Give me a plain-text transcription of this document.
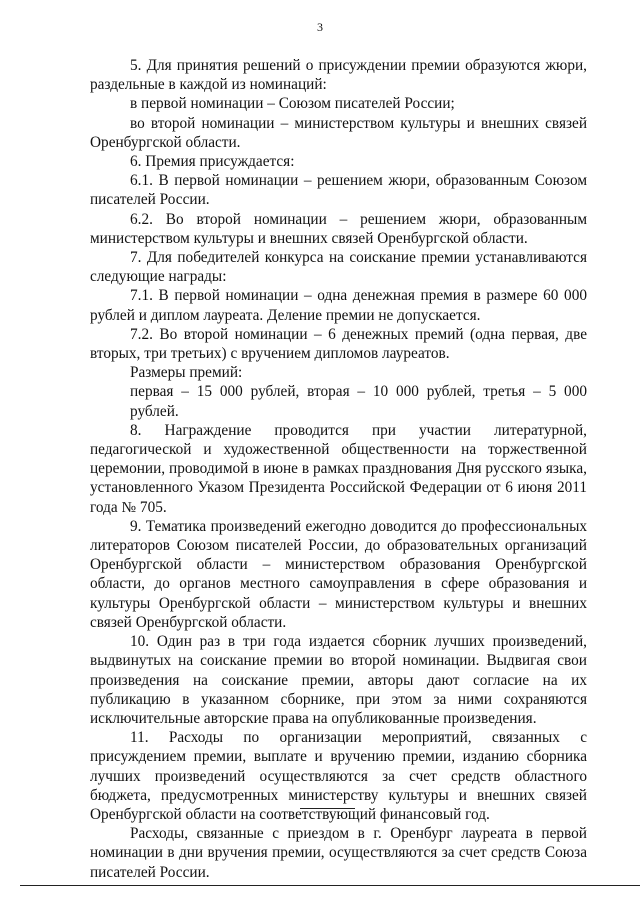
3

5. Для принятия решений о присуждении премии образуются жюри, раздельные в каждой из номинаций:

в первой номинации – Союзом писателей России;

во второй номинации – министерством культуры и внешних связей Оренбургской области.

6. Премия присуждается:

6.1. В первой номинации – решением жюри, образованным Союзом писателей России.

6.2. Во второй номинации – решением жюри, образованным министерством культуры и внешних связей Оренбургской области.

7. Для победителей конкурса на соискание премии устанавливаются следующие награды:

7.1. В первой номинации – одна денежная премия в размере 60 000 рублей и диплом лауреата. Деление премии не допускается.

7.2. Во второй номинации – 6 денежных премий (одна первая, две вторых, три третьих) с вручением дипломов лауреатов.

Размеры премий:

первая – 15 000 рублей, вторая – 10 000 рублей, третья – 5 000 рублей.

8. Награждение проводится при участии литературной, педагогической и художественной общественности на торжественной церемонии, проводимой в июне в рамках празднования Дня русского языка, установленного Указом Президента Российской Федерации от 6 июня 2011 года № 705.

9. Тематика произведений ежегодно доводится до профессиональных литераторов Союзом писателей России, до образовательных организаций Оренбургской области – министерством образования Оренбургской области, до органов местного самоуправления в сфере образования и культуры Оренбургской области – министерством культуры и внешних связей Оренбургской области.

10. Один раз в три года издается сборник лучших произведений, выдвинутых на соискание премии во второй номинации. Выдвигая свои произведения на соискание премии, авторы дают согласие на их публикацию в указанном сборнике, при этом за ними сохраняются исключительные авторские права на опубликованные произведения.

11. Расходы по организации мероприятий, связанных с присуждением премии, выплате и вручению премии, изданию сборника лучших произведений осуществляются за счет средств областного бюджета, предусмотренных министерству культуры и внешних связей Оренбургской области на соответствующий финансовый год.

Расходы, связанные с приездом в г. Оренбург лауреата в первой номинации в дни вручения премии, осуществляются за счет средств Союза писателей России.
